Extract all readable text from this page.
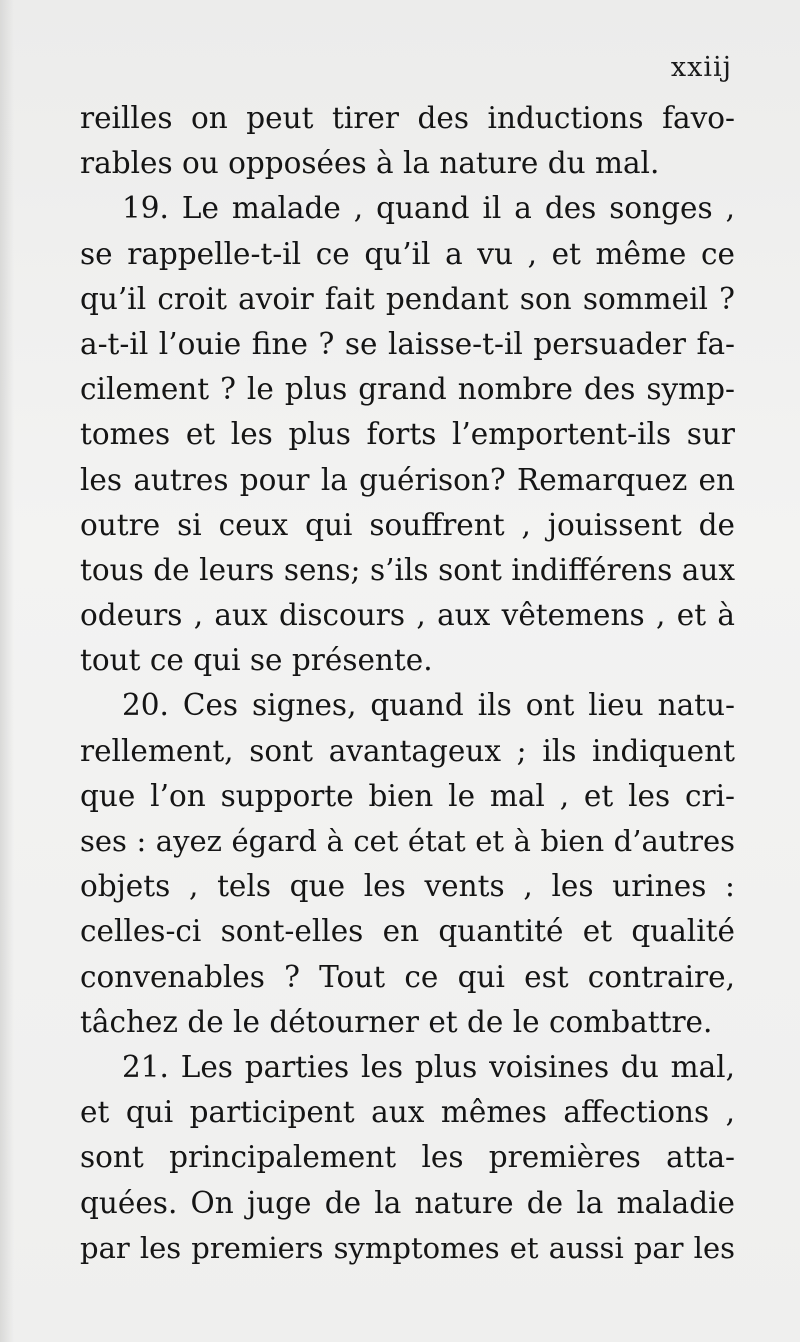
xxiij

reilles on peut tirer des inductions favo-
rables ou opposées à la nature du mal.
19. Le malade , quand il a des songes ,
se rappelle-t-il ce qu’il a vu , et même ce
qu’il croit avoir fait pendant son sommeil ?
a-t-il l’ouie fine ? se laisse-t-il persuader fa-
cilement ? le plus grand nombre des symp-
tomes et les plus forts l’emportent-ils sur
les autres pour la guérison? Remarquez en
outre si ceux qui souffrent , jouissent de
tous de leurs sens; s’ils sont indifférens aux
odeurs , aux discours , aux vêtemens , et à
tout ce qui se présente.
20. Ces signes, quand ils ont lieu natu-
rellement, sont avantageux ; ils indiquent
que l’on supporte bien le mal , et les cri-
ses : ayez égard à cet état et à bien d’autres
objets , tels que les vents , les urines :
celles-ci sont-elles en quantité et qualité
convenables ? Tout ce qui est contraire,
tâchez de le détourner et de le combattre.
21. Les parties les plus voisines du mal,
et qui participent aux mêmes affections ,
sont principalement les premières atta-
quées. On juge de la nature de la maladie
par les premiers symptomes et aussi par les
